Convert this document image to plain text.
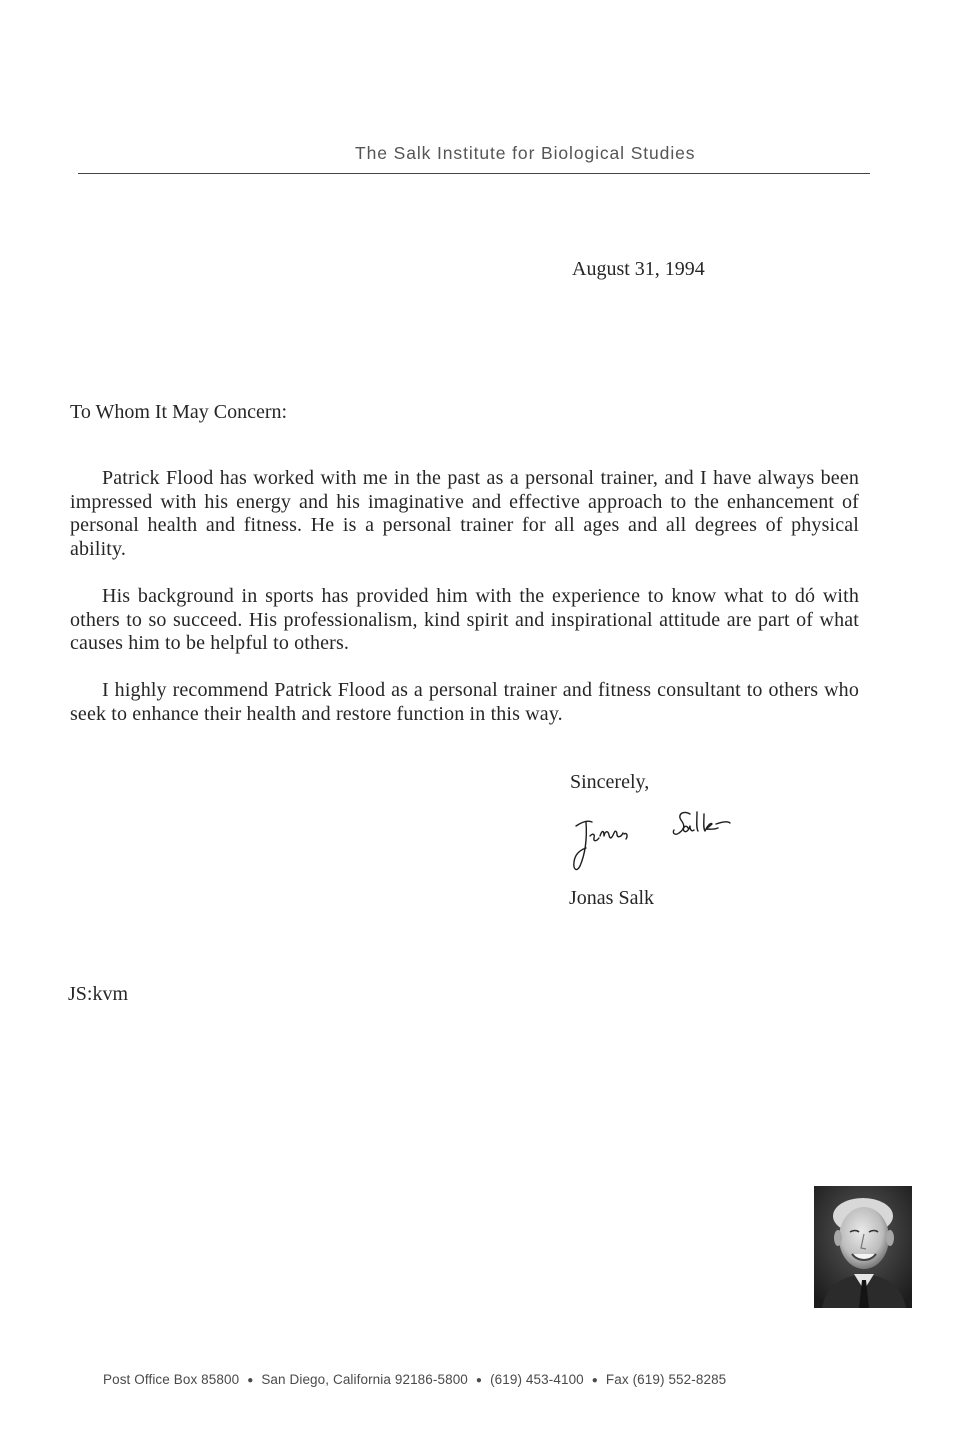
The Salk Institute for Biological Studies
August 31, 1994
To Whom It May Concern:

Patrick Flood has worked with me in the past as a personal trainer, and I have always been impressed with his energy and his imaginative and effective approach to the enhancement of personal health and fitness. He is a personal trainer for all ages and all degrees of physical ability.

His background in sports has provided him with the experience to know what to dó with others to so succeed. His professionalism, kind spirit and inspirational attitude are part of what causes him to be helpful to others.

I highly recommend Patrick Flood as a personal trainer and fitness consultant to others who seek to enhance their health and restore function in this way.

Sincerely,
Jonas Salk
JS:kvm
Post Office Box 85800 ● San Diego, California 92186-5800 ● (619) 453-4100 ● Fax (619) 552-8285
